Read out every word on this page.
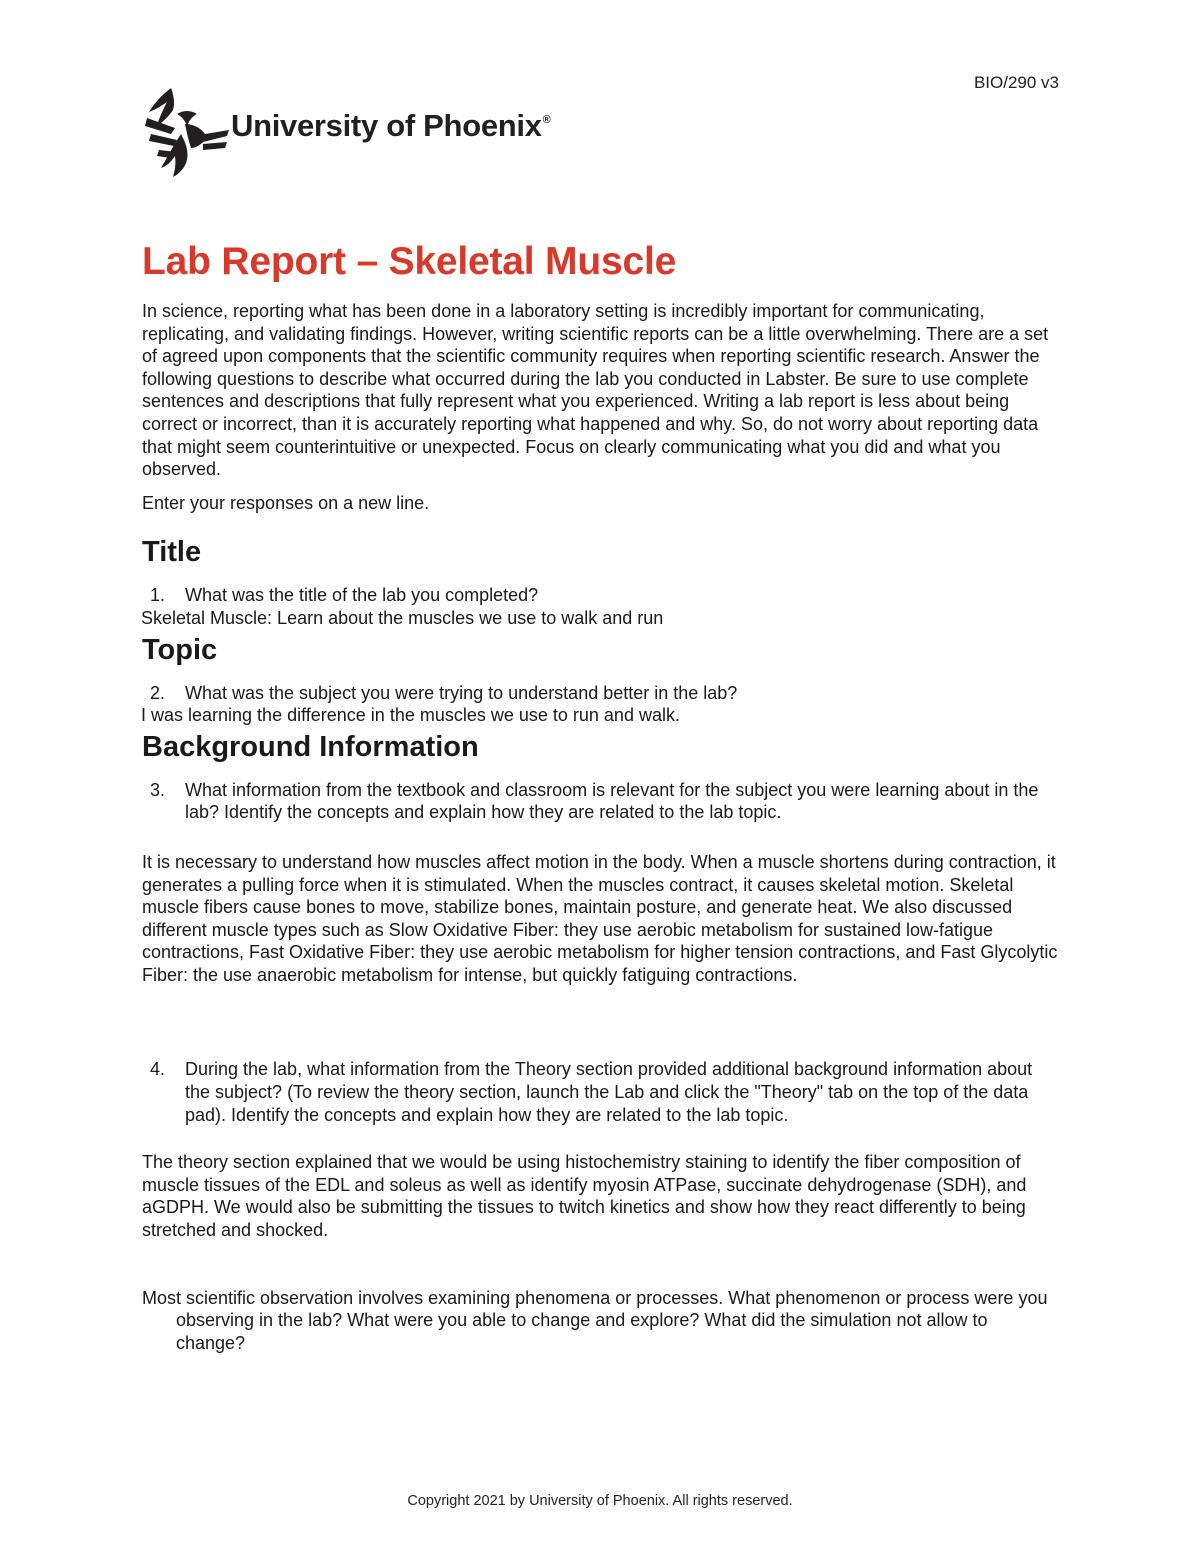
BIO/290 v3
University of Phoenix®
Lab Report – Skeletal Muscle

In science, reporting what has been done in a laboratory setting is incredibly important for communicating, replicating, and validating findings. However, writing scientific reports can be a little overwhelming. There are a set of agreed upon components that the scientific community requires when reporting scientific research. Answer the following questions to describe what occurred during the lab you conducted in Labster. Be sure to use complete sentences and descriptions that fully represent what you experienced. Writing a lab report is less about being correct or incorrect, than it is accurately reporting what happened and why. So, do not worry about reporting data that might seem counterintuitive or unexpected. Focus on clearly communicating what you did and what you observed.

Enter your responses on a new line.

Title
1.	What was the title of the lab you completed?
Skeletal Muscle: Learn about the muscles we use to walk and run
Topic
2.	What was the subject you were trying to understand better in the lab?
I was learning the difference in the muscles we use to run and walk.
Background Information
3.	What information from the textbook and classroom is relevant for the subject you were learning about in the lab? Identify the concepts and explain how they are related to the lab topic.

It is necessary to understand how muscles affect motion in the body. When a muscle shortens during contraction, it generates a pulling force when it is stimulated. When the muscles contract, it causes skeletal motion. Skeletal muscle fibers cause bones to move, stabilize bones, maintain posture, and generate heat. We also discussed different muscle types such as Slow Oxidative Fiber: they use aerobic metabolism for sustained low-fatigue contractions, Fast Oxidative Fiber: they use aerobic metabolism for higher tension contractions, and Fast Glycolytic Fiber: the use anaerobic metabolism for intense, but quickly fatiguing contractions.

4.	During the lab, what information from the Theory section provided additional background information about the subject? (To review the theory section, launch the Lab and click the "Theory" tab on the top of the data pad). Identify the concepts and explain how they are related to the lab topic.

The theory section explained that we would be using histochemistry staining to identify the fiber composition of muscle tissues of the EDL and soleus as well as identify myosin ATPase, succinate dehydrogenase (SDH), and aGDPH. We would also be submitting the tissues to twitch kinetics and show how they react differently to being stretched and shocked.

Most scientific observation involves examining phenomena or processes. What phenomenon or process were you observing in the lab? What were you able to change and explore? What did the simulation not allow to change?

Copyright 2021 by University of Phoenix. All rights reserved.
